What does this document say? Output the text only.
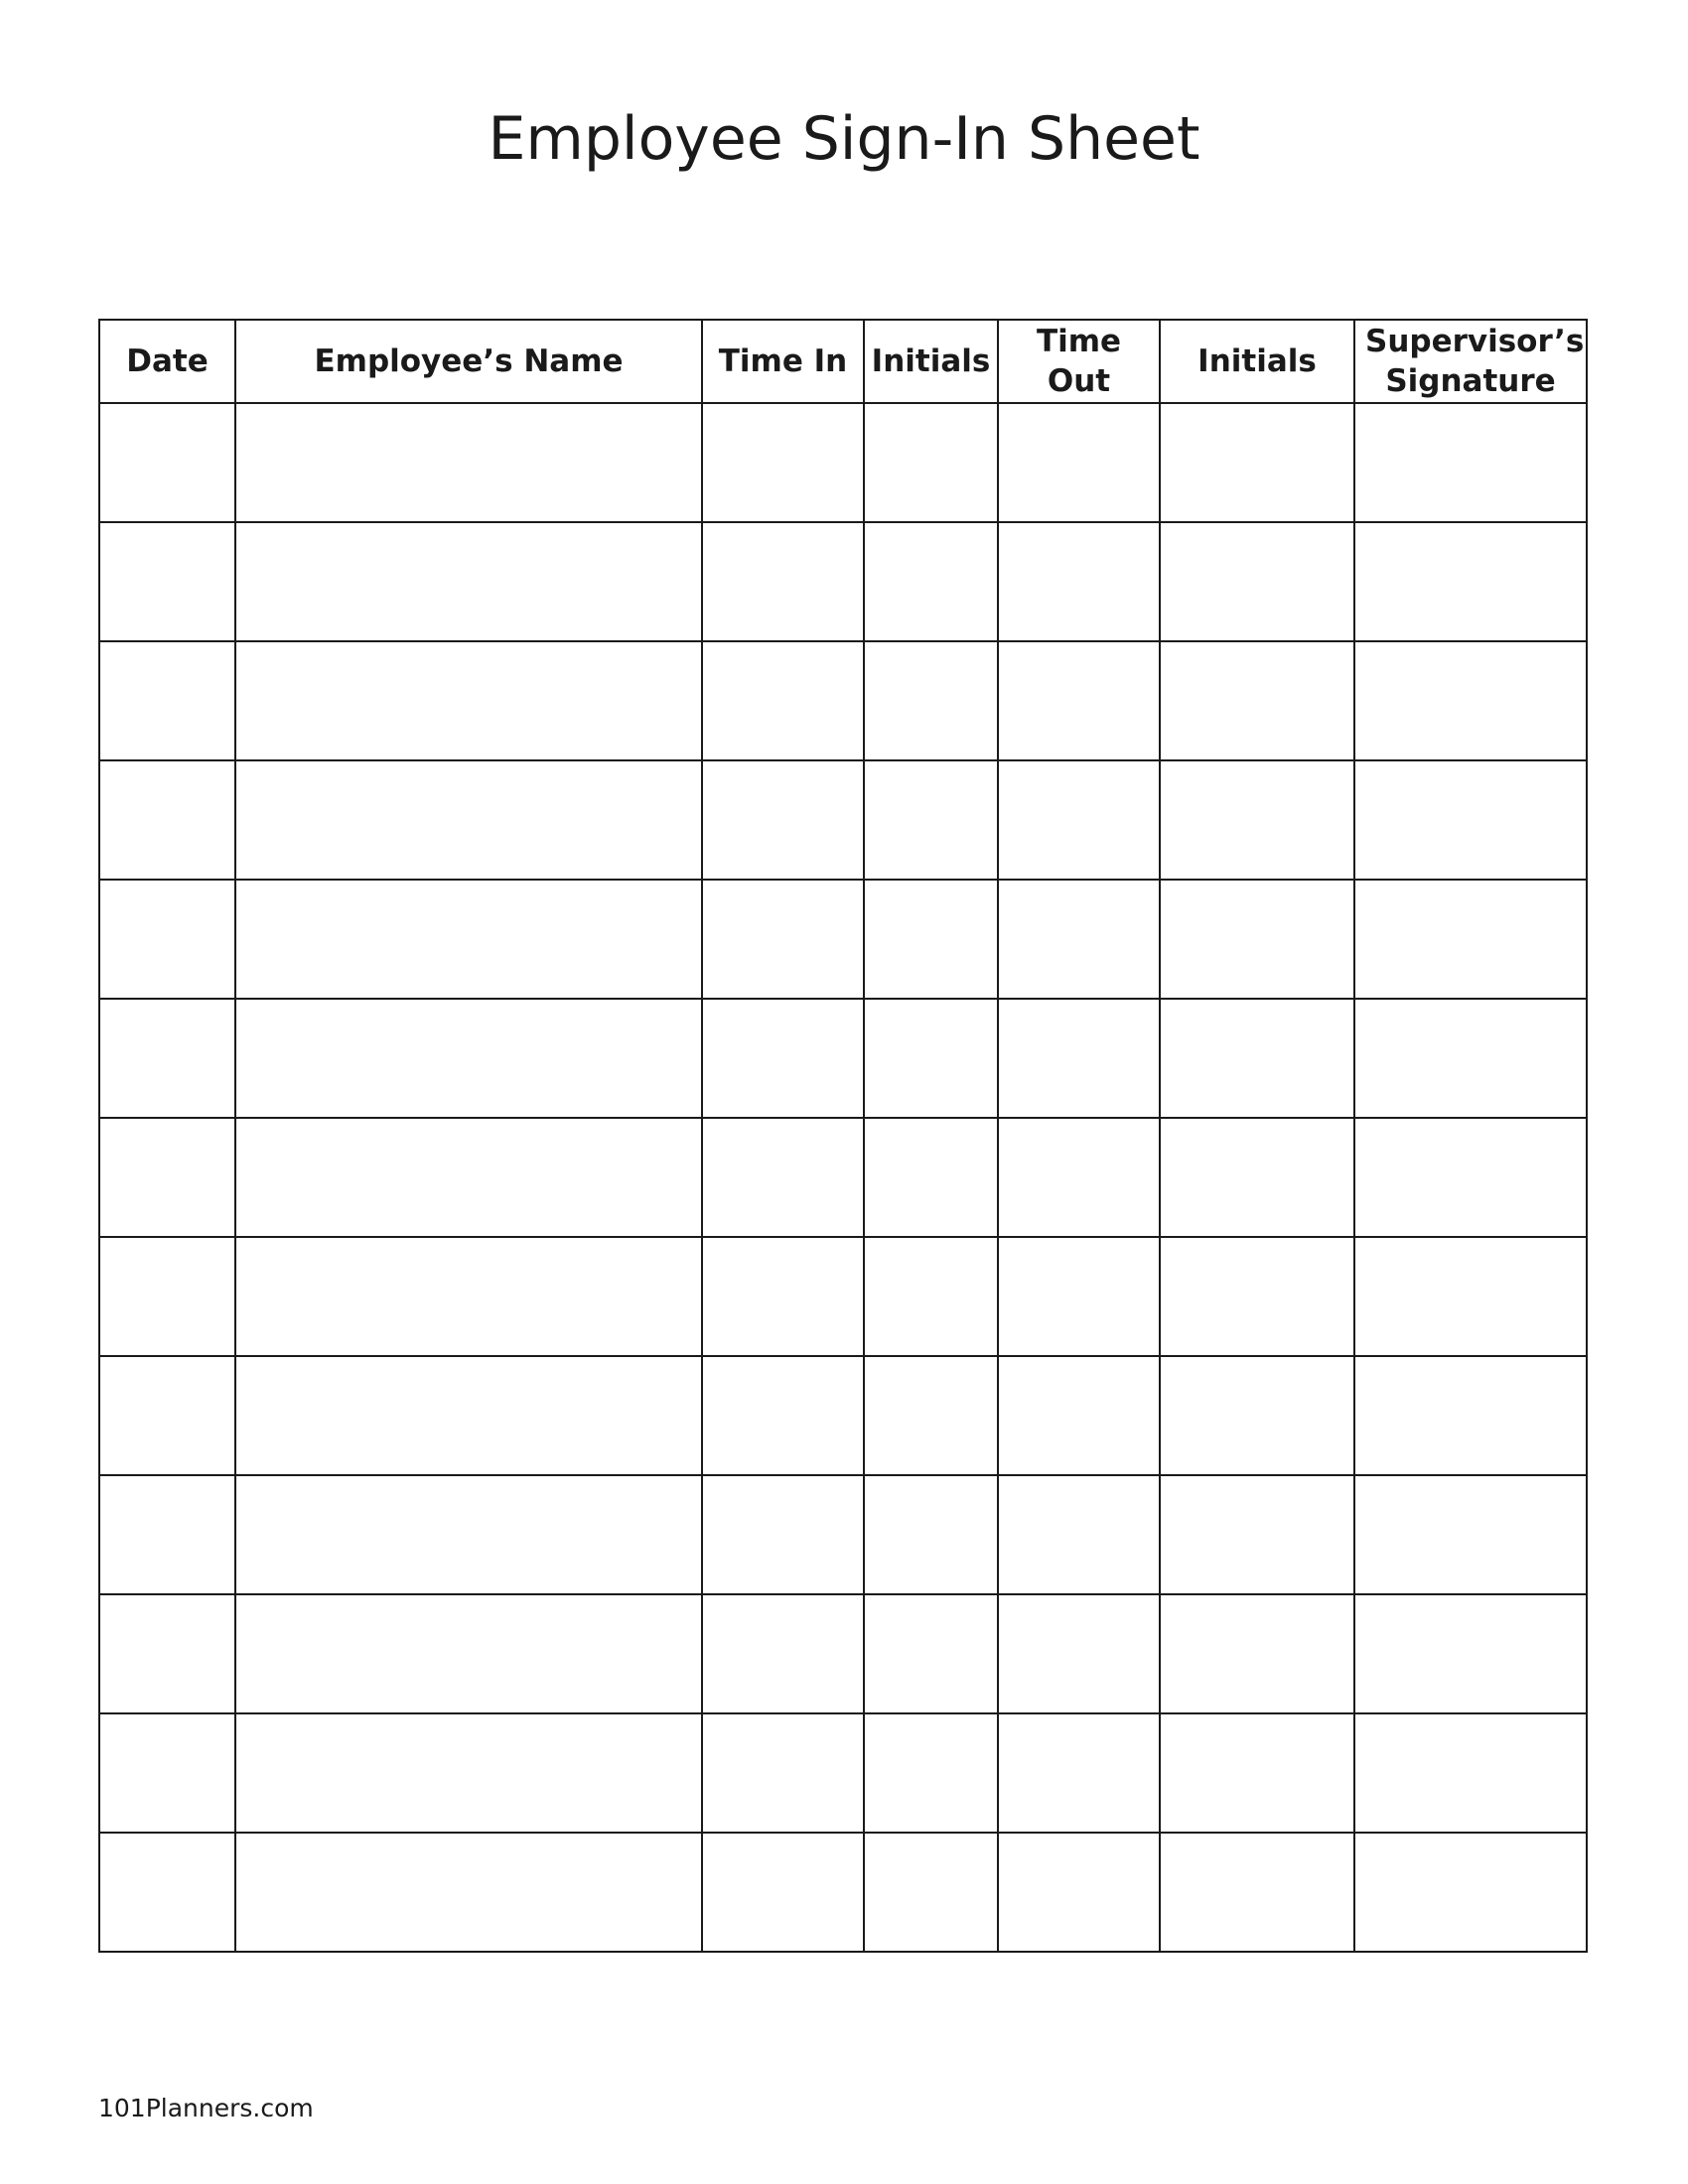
Employee Sign-In Sheet
Date	Employee’s Name	Time In	Initials	Time Out	Initials	Supervisor’s Signature

101Planners.com
